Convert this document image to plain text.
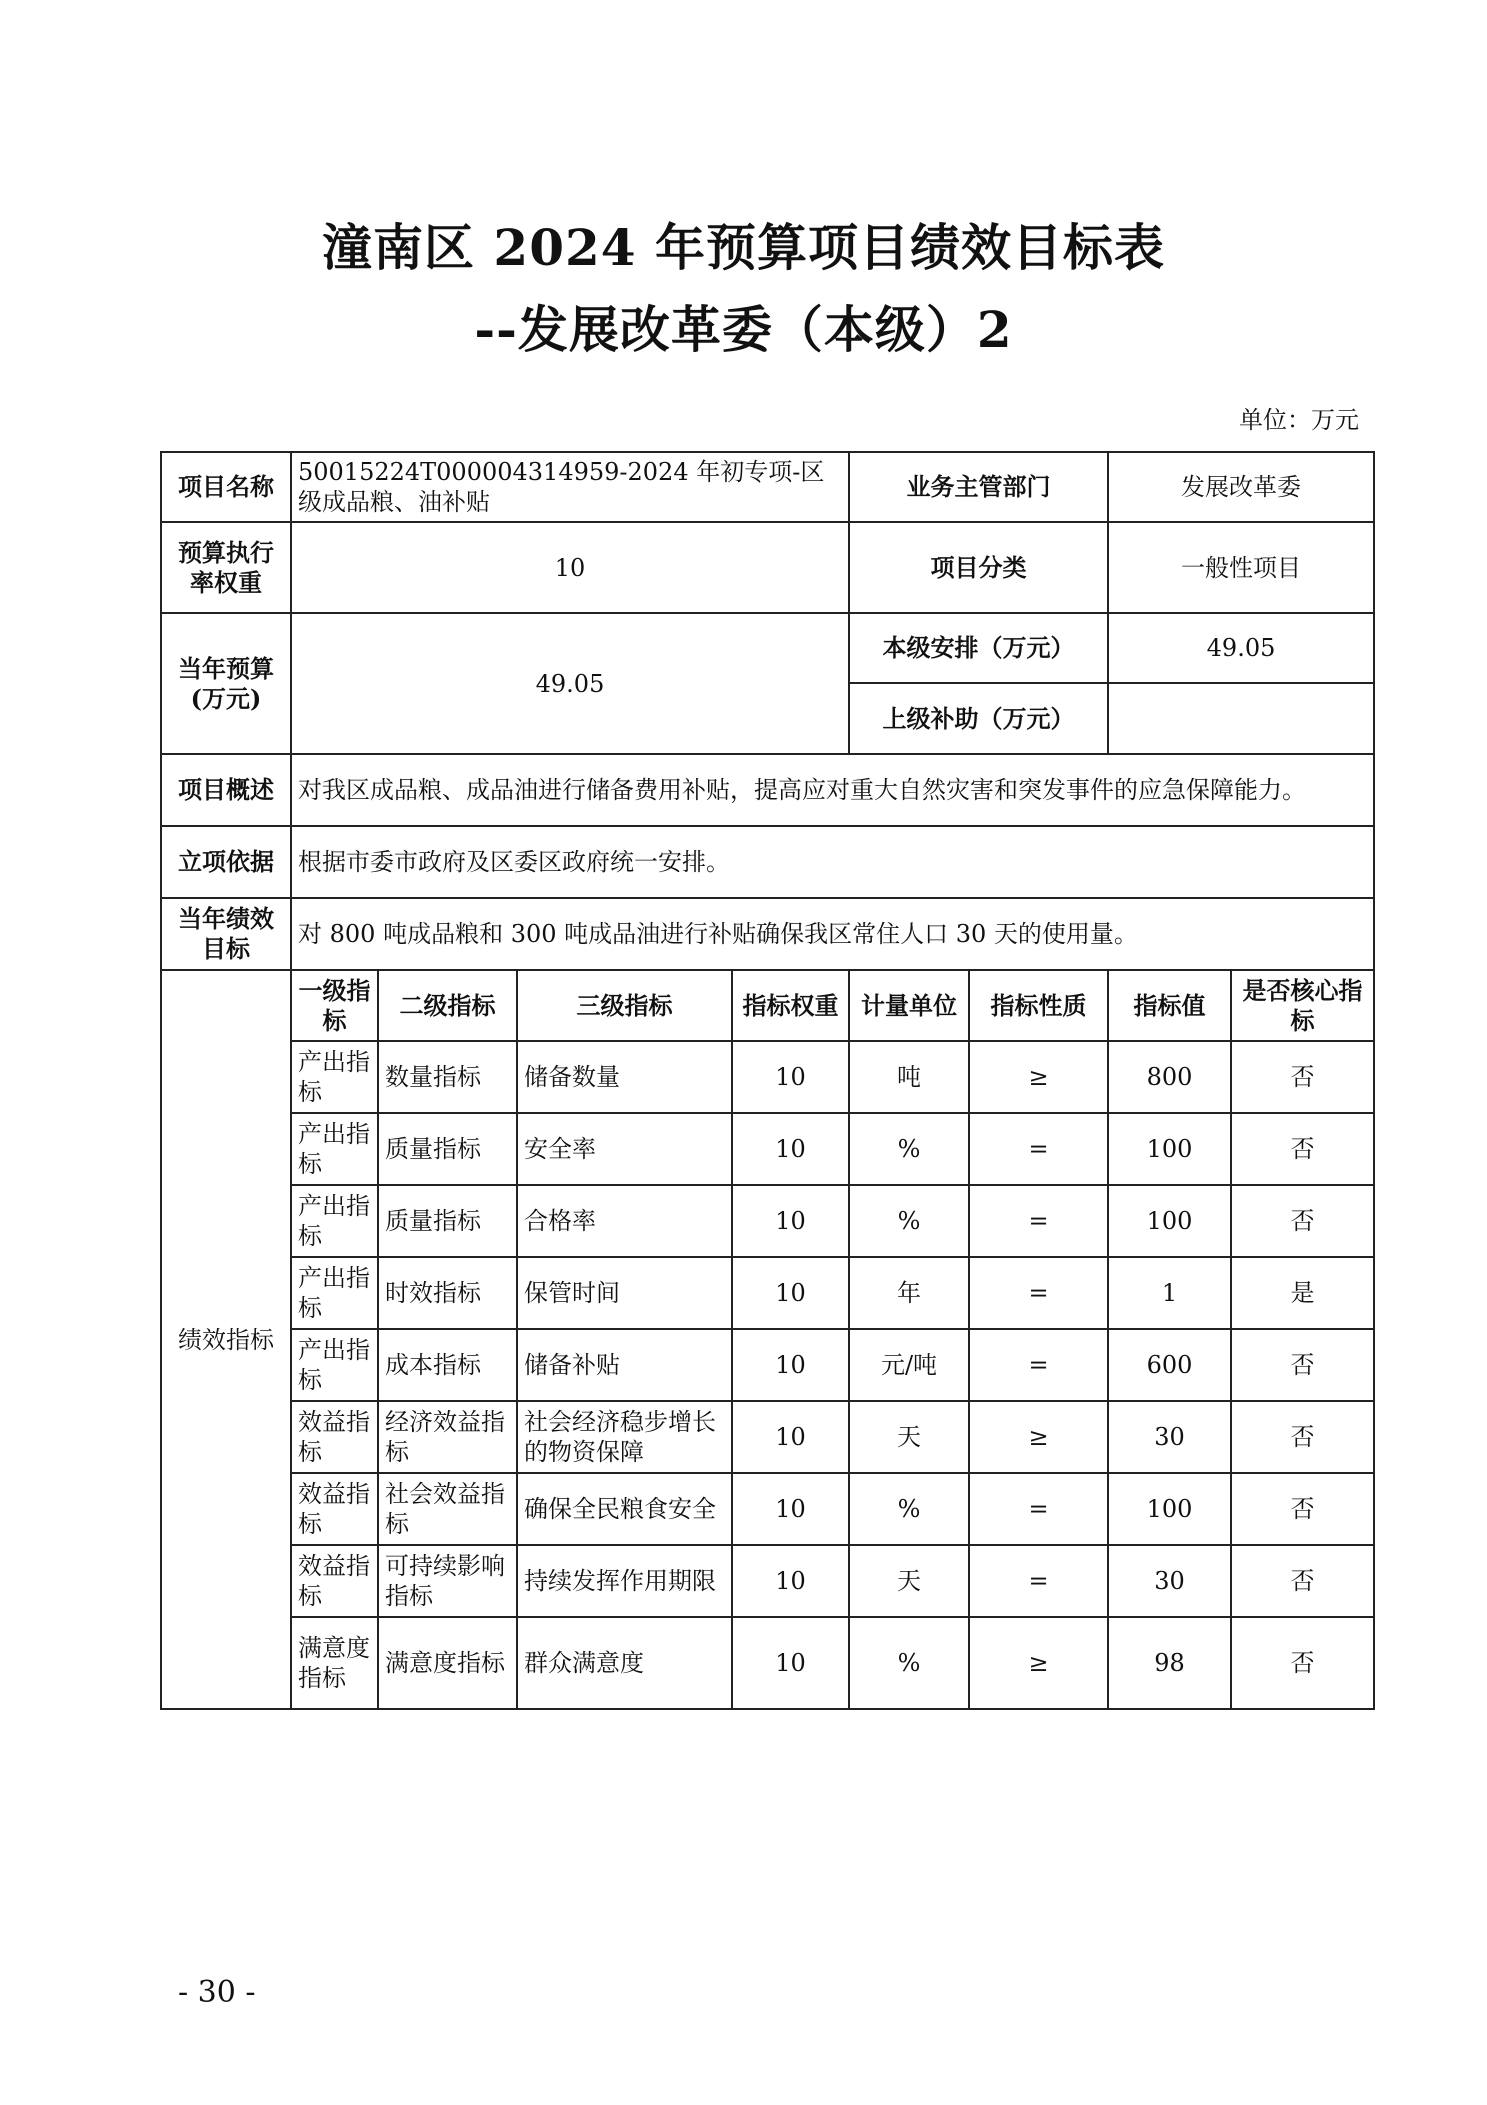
潼南区 2024 年预算项目绩效目标表
--发展改革委（本级）2
单位：万元
项目名称	50015224T000004314959-2024 年初专项-区级成品粮、油补贴				业务主管部门		发展改革委	
预算执行率权重	10				项目分类		一般性项目	
当年预算(万元)	49.05				本级安排（万元）		49.05	
					上级补助（万元）			
项目概述	对我区成品粮、成品油进行储备费用补贴，提高应对重大自然灾害和突发事件的应急保障能力。							
立项依据	根据市委市政府及区委区政府统一安排。							
当年绩效目标	对 800 吨成品粮和 300 吨成品油进行补贴确保我区常住人口 30 天的使用量。							
绩效指标	一级指标	二级指标	三级指标	指标权重	计量单位	指标性质	指标值	是否核心指标
	产出指标	数量指标	储备数量	10	吨	≥	800	否
	产出指标	质量指标	安全率	10	%	=	100	否
	产出指标	质量指标	合格率	10	%	=	100	否
	产出指标	时效指标	保管时间	10	年	=	1	是
	产出指标	成本指标	储备补贴	10	元/吨	=	600	否
	效益指标	经济效益指标	社会经济稳步增长的物资保障	10	天	≥	30	否
	效益指标	社会效益指标	确保全民粮食安全	10	%	=	100	否
	效益指标	可持续影响指标	持续发挥作用期限	10	天	=	30	否
	满意度指标	满意度指标	群众满意度	10	%	≥	98	否
- 30 -
